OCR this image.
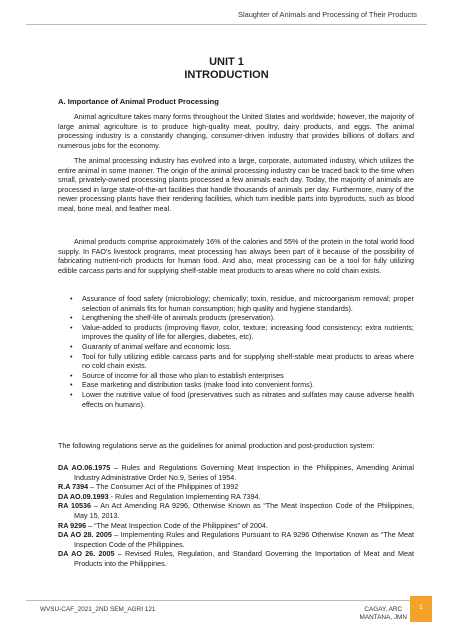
Slaughter of Animals and Processing of Their Products
UNIT 1
INTRODUCTION
A. Importance of Animal Product Processing
Animal agriculture takes many forms throughout the United States and worldwide; however, the majority of large animal agriculture is to produce high-quality meat, poultry, dairy products, and eggs. The animal processing industry is a constantly changing, consumer-driven industry that provides billions of dollars and numerous jobs for the economy.
The animal processing industry has evolved into a large, corporate, automated industry, which utilizes the entire animal in some manner. The origin of the animal processing industry can be traced back to the time when small, privately-owned processing plants processed a few animals each day. Today, the majority of animals are processed in large state-of-the-art facilities that handle thousands of animals per day. Furthermore, many of the newer processing plants have their rendering facilities, which turn inedible parts into byproducts, such as blood meal, bone meal, and feather meal.
Animal products comprise approximately 16% of the calories and 55% of the protein in the total world food supply. In FAO's livestock programs, meat processing has always been part of it because of the possibility of fabricating nutrient-rich products for human food. And also, meat processing can be a tool for fully utilizing edible carcass parts and for supplying shelf-stable meat products to areas where no cold chain exists.
• Assurance of food safety (microbiology; chemically; toxin, residue, and microorganism removal; proper selection of animals fits for human consumption; high quality and hygiene standards).
• Lengthening the shelf-life of animals products (preservation).
• Value-added to products (improving flavor, color, texture; increasing food consistency; extra nutrients; improves the quality of life for allergies, diabetes, etc).
• Guaranty of animal welfare and economic loss.
• Tool for fully utilizing edible carcass parts and for supplying shelf-stable meat products to areas where no cold chain exists.
• Source of income for all those who plan to establish enterprises
• Ease marketing and distribution tasks (make food into convenient forms).
• Lower the nutritive value of food (preservatives such as nitrates and sulfates may cause adverse health effects on humans).
The following regulations serve as the guidelines for animal production and post-production system:
DA AO.06.1975 – Rules and Regulations Governing Meat Inspection in the Philippines, Amending Animal Industry Administrative Order No.9, Series of 1954.
R.A 7394 – The Consumer Act of the Philippines of 1992
DA AO.09.1993 - Rules and Regulation Implementing RA 7394.
RA 10536 – An Act Amending RA 9296, Otherwise Known as “The Meat Inspection Code of the Philippines, May 15, 2013.
RA 9296 – “The Meat Inspection Code of the Philippines” of 2004.
DA AO 28. 2005 – Implementing Rules and Regulations Pursuant to RA 9296 Otherwise Known as “The Meat Inspection Code of the Philippines.
DA AO 26. 2005 – Revised Rules, Regulation, and Standard Governing the Importation of Meat and Meat Products into the Philippines.
WVSU-CAF_2021_2ND SEM_AGRI 121	CAGAY, ARC
MANTANA, JMN
1
